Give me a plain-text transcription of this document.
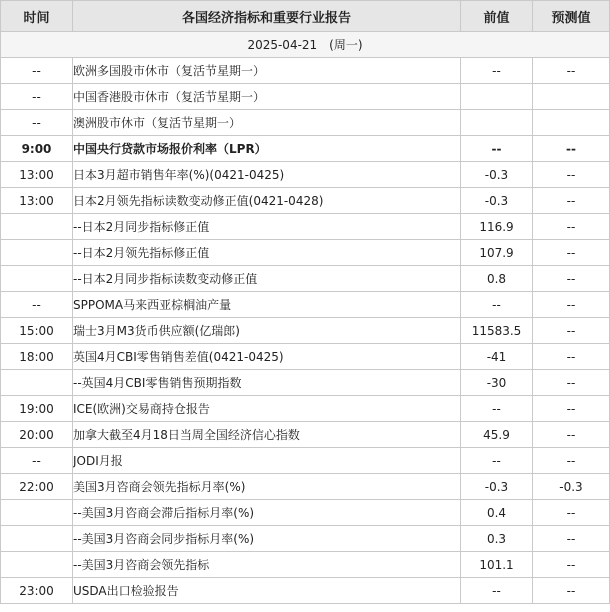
时间	各国经济指标和重要行业报告	前值	预测值
2025-04-21　(周一)			
--	欧洲多国股市休市（复活节星期一）	--	--
--	中国香港股市休市（复活节星期一）		
--	澳洲股市休市（复活节星期一）		
9:00	中国央行贷款市场报价利率（LPR）	--	--
13:00	日本3月超市销售年率(%)(0421-0425)	-0.3	--
13:00	日本2月领先指标读数变动修正值(0421-0428)	-0.3	--
	--日本2月同步指标修正值	116.9	--
	--日本2月领先指标修正值	107.9	--
	--日本2月同步指标读数变动修正值	0.8	--
--	SPPOMA马来西亚棕榈油产量	--	--
15:00	瑞士3月M3货币供应额(亿瑞郎)	11583.5	--
18:00	英国4月CBI零售销售差值(0421-0425)	-41	--
	--英国4月CBI零售销售预期指数	-30	--
19:00	ICE(欧洲)交易商持仓报告	--	--
20:00	加拿大截至4月18日当周全国经济信心指数	45.9	--
--	JODI月报	--	--
22:00	美国3月咨商会领先指标月率(%)	-0.3	-0.3
	--美国3月咨商会滞后指标月率(%)	0.4	--
	--美国3月咨商会同步指标月率(%)	0.3	--
	--美国3月咨商会领先指标	101.1	--
23:00	USDA出口检验报告	--	--
